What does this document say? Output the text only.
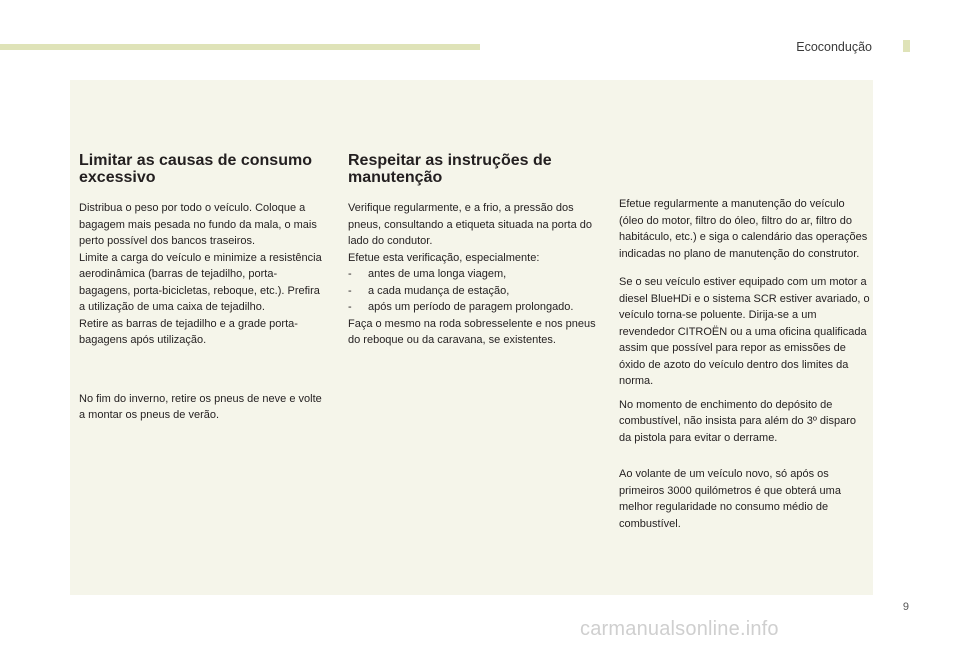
Ecocondução
Limitar as causas de consumo excessivo

Distribua o peso por todo o veículo. Coloque a bagagem mais pesada no fundo da mala, o mais perto possível dos bancos traseiros.

Limite a carga do veículo e minimize a resistência aerodinâmica (barras de tejadilho, porta-bagagens, porta-bicicletas, reboque, etc.). Prefira a utilização de uma caixa de tejadilho.

Retire as barras de tejadilho e a grade porta-bagagens após utilização.

No fim do inverno, retire os pneus de neve e volte a montar os pneus de verão.

Respeitar as instruções de manutenção

Verifique regularmente, e a frio, a pressão dos pneus, consultando a etiqueta situada na porta do lado do condutor.

Efetue esta verificação, especialmente:

- antes de uma longa viagem,
- a cada mudança de estação,
- após um período de paragem prolongado.

Faça o mesmo na roda sobresselente e nos pneus do reboque ou da caravana, se existentes.

Efetue regularmente a manutenção do veículo (óleo do motor, filtro do óleo, filtro do ar, filtro do habitáculo, etc.) e siga o calendário das operações indicadas no plano de manutenção do construtor.

Se o seu veículo estiver equipado com um motor a diesel BlueHDi e o sistema SCR estiver avariado, o veículo torna-se poluente. Dirija-se a um revendedor CITROËN ou a uma oficina qualificada assim que possível para repor as emissões de óxido de azoto do veículo dentro dos limites da norma.

No momento de enchimento do depósito de combustível, não insista para além do 3º disparo da pistola para evitar o derrame.

Ao volante de um veículo novo, só após os primeiros 3000 quilómetros é que obterá uma melhor regularidade no consumo médio de combustível.

9
carmanualsonline.info
